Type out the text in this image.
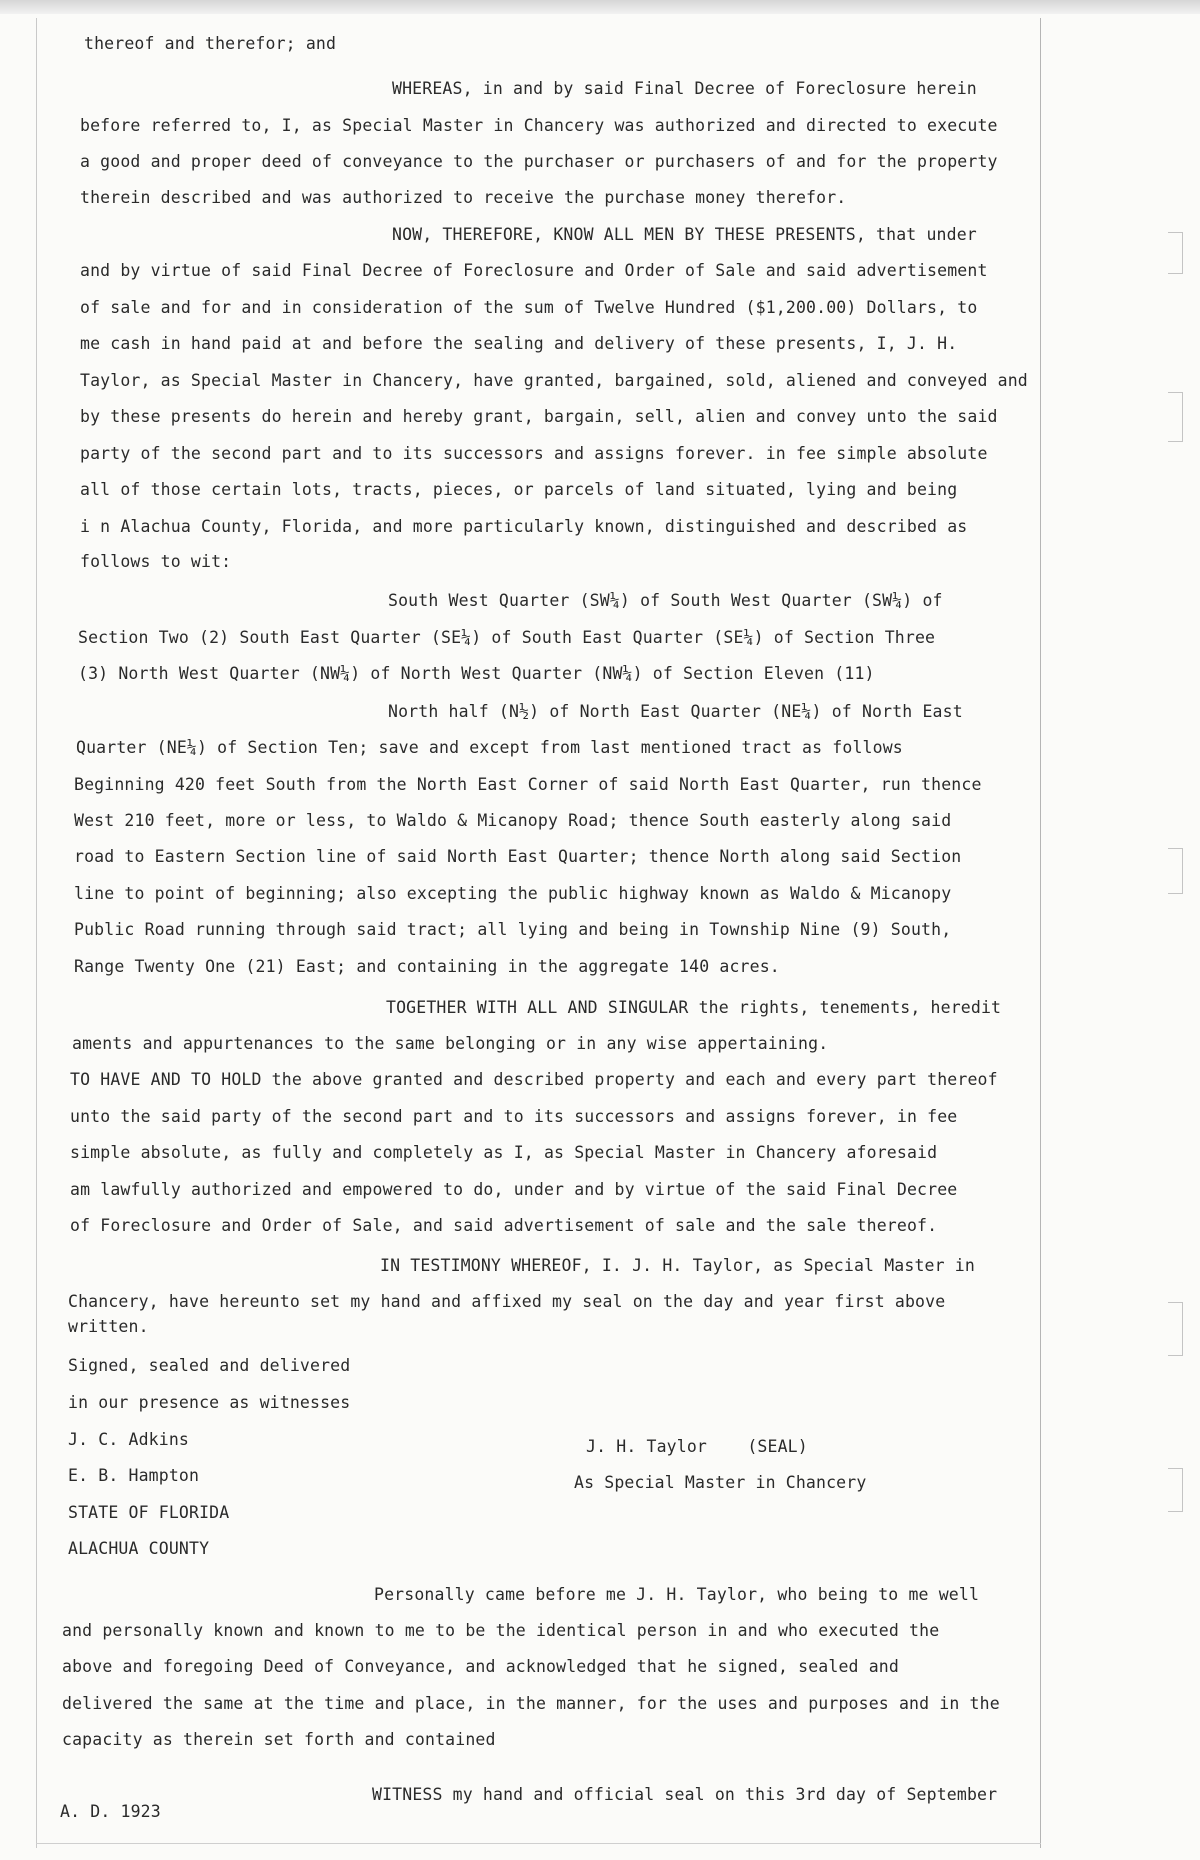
thereof and therefor; and
WHEREAS, in and by said Final Decree of Foreclosure herein
before referred to, I, as Special Master in Chancery was authorized and directed to execute
a good and proper deed of conveyance to the purchaser or purchasers of and for the property
therein described and was authorized to receive the purchase money therefor.
NOW, THEREFORE, KNOW ALL MEN BY THESE PRESENTS, that under
and by virtue of said Final Decree of Foreclosure and Order of Sale and said advertisement
of sale and for and in consideration of the sum of Twelve Hundred ($1,200.00) Dollars, to
me cash in hand paid at and before the sealing and delivery of these presents, I, J. H.
Taylor, as Special Master in Chancery, have granted, bargained, sold, aliened and conveyed and
by these presents do herein and hereby grant, bargain, sell, alien and convey unto the said
party of the second part and to its successors and assigns forever. in fee simple absolute
all of those certain lots, tracts, pieces, or parcels of land situated, lying and being
i n Alachua County, Florida, and more particularly known, distinguished and described as
follows to wit:
South West Quarter (SW¼) of South West Quarter (SW¼) of
Section Two (2) South East Quarter (SE¼) of South East Quarter (SE¼) of Section Three
(3) North West Quarter (NW¼) of North West Quarter (NW¼) of Section Eleven (11)
North half (N½) of North East Quarter (NE¼) of North East
Quarter (NE¼) of Section Ten; save and except from last mentioned tract as follows
Beginning 420 feet South from the North East Corner of said North East Quarter, run thence
West 210 feet, more or less, to Waldo & Micanopy Road; thence South easterly along said
road to Eastern Section line of said North East Quarter; thence North along said Section
line to point of beginning; also excepting the public highway known as Waldo & Micanopy
Public Road running through said tract; all lying and being in Township Nine (9) South,
Range Twenty One (21) East; and containing in the aggregate 140 acres.
TOGETHER WITH ALL AND SINGULAR the rights, tenements, heredit
aments and appurtenances to the same belonging or in any wise appertaining.
TO HAVE AND TO HOLD the above granted and described property and each and every part thereof
unto the said party of the second part and to its successors and assigns forever, in fee
simple absolute, as fully and completely as I, as Special Master in Chancery aforesaid
am lawfully authorized and empowered to do, under and by virtue of the said Final Decree
of Foreclosure and Order of Sale, and said advertisement of sale and the sale thereof.
IN TESTIMONY WHEREOF, I. J. H. Taylor, as Special Master in
Chancery, have hereunto set my hand and affixed my seal on the day and year first above
written.
Signed, sealed and delivered
in our presence as witnesses
J. C. Adkins	J. H. Taylor    (SEAL)
E. B. Hampton	As Special Master in Chancery
STATE OF FLORIDA
ALACHUA COUNTY
Personally came before me J. H. Taylor, who being to me well
and personally known and known to me to be the identical person in and who executed the
above and foregoing Deed of Conveyance, and acknowledged that he signed, sealed and
delivered the same at the time and place, in the manner, for the uses and purposes and in the
capacity as therein set forth and contained
WITNESS my hand and official seal on this 3rd day of September
A. D. 1923
